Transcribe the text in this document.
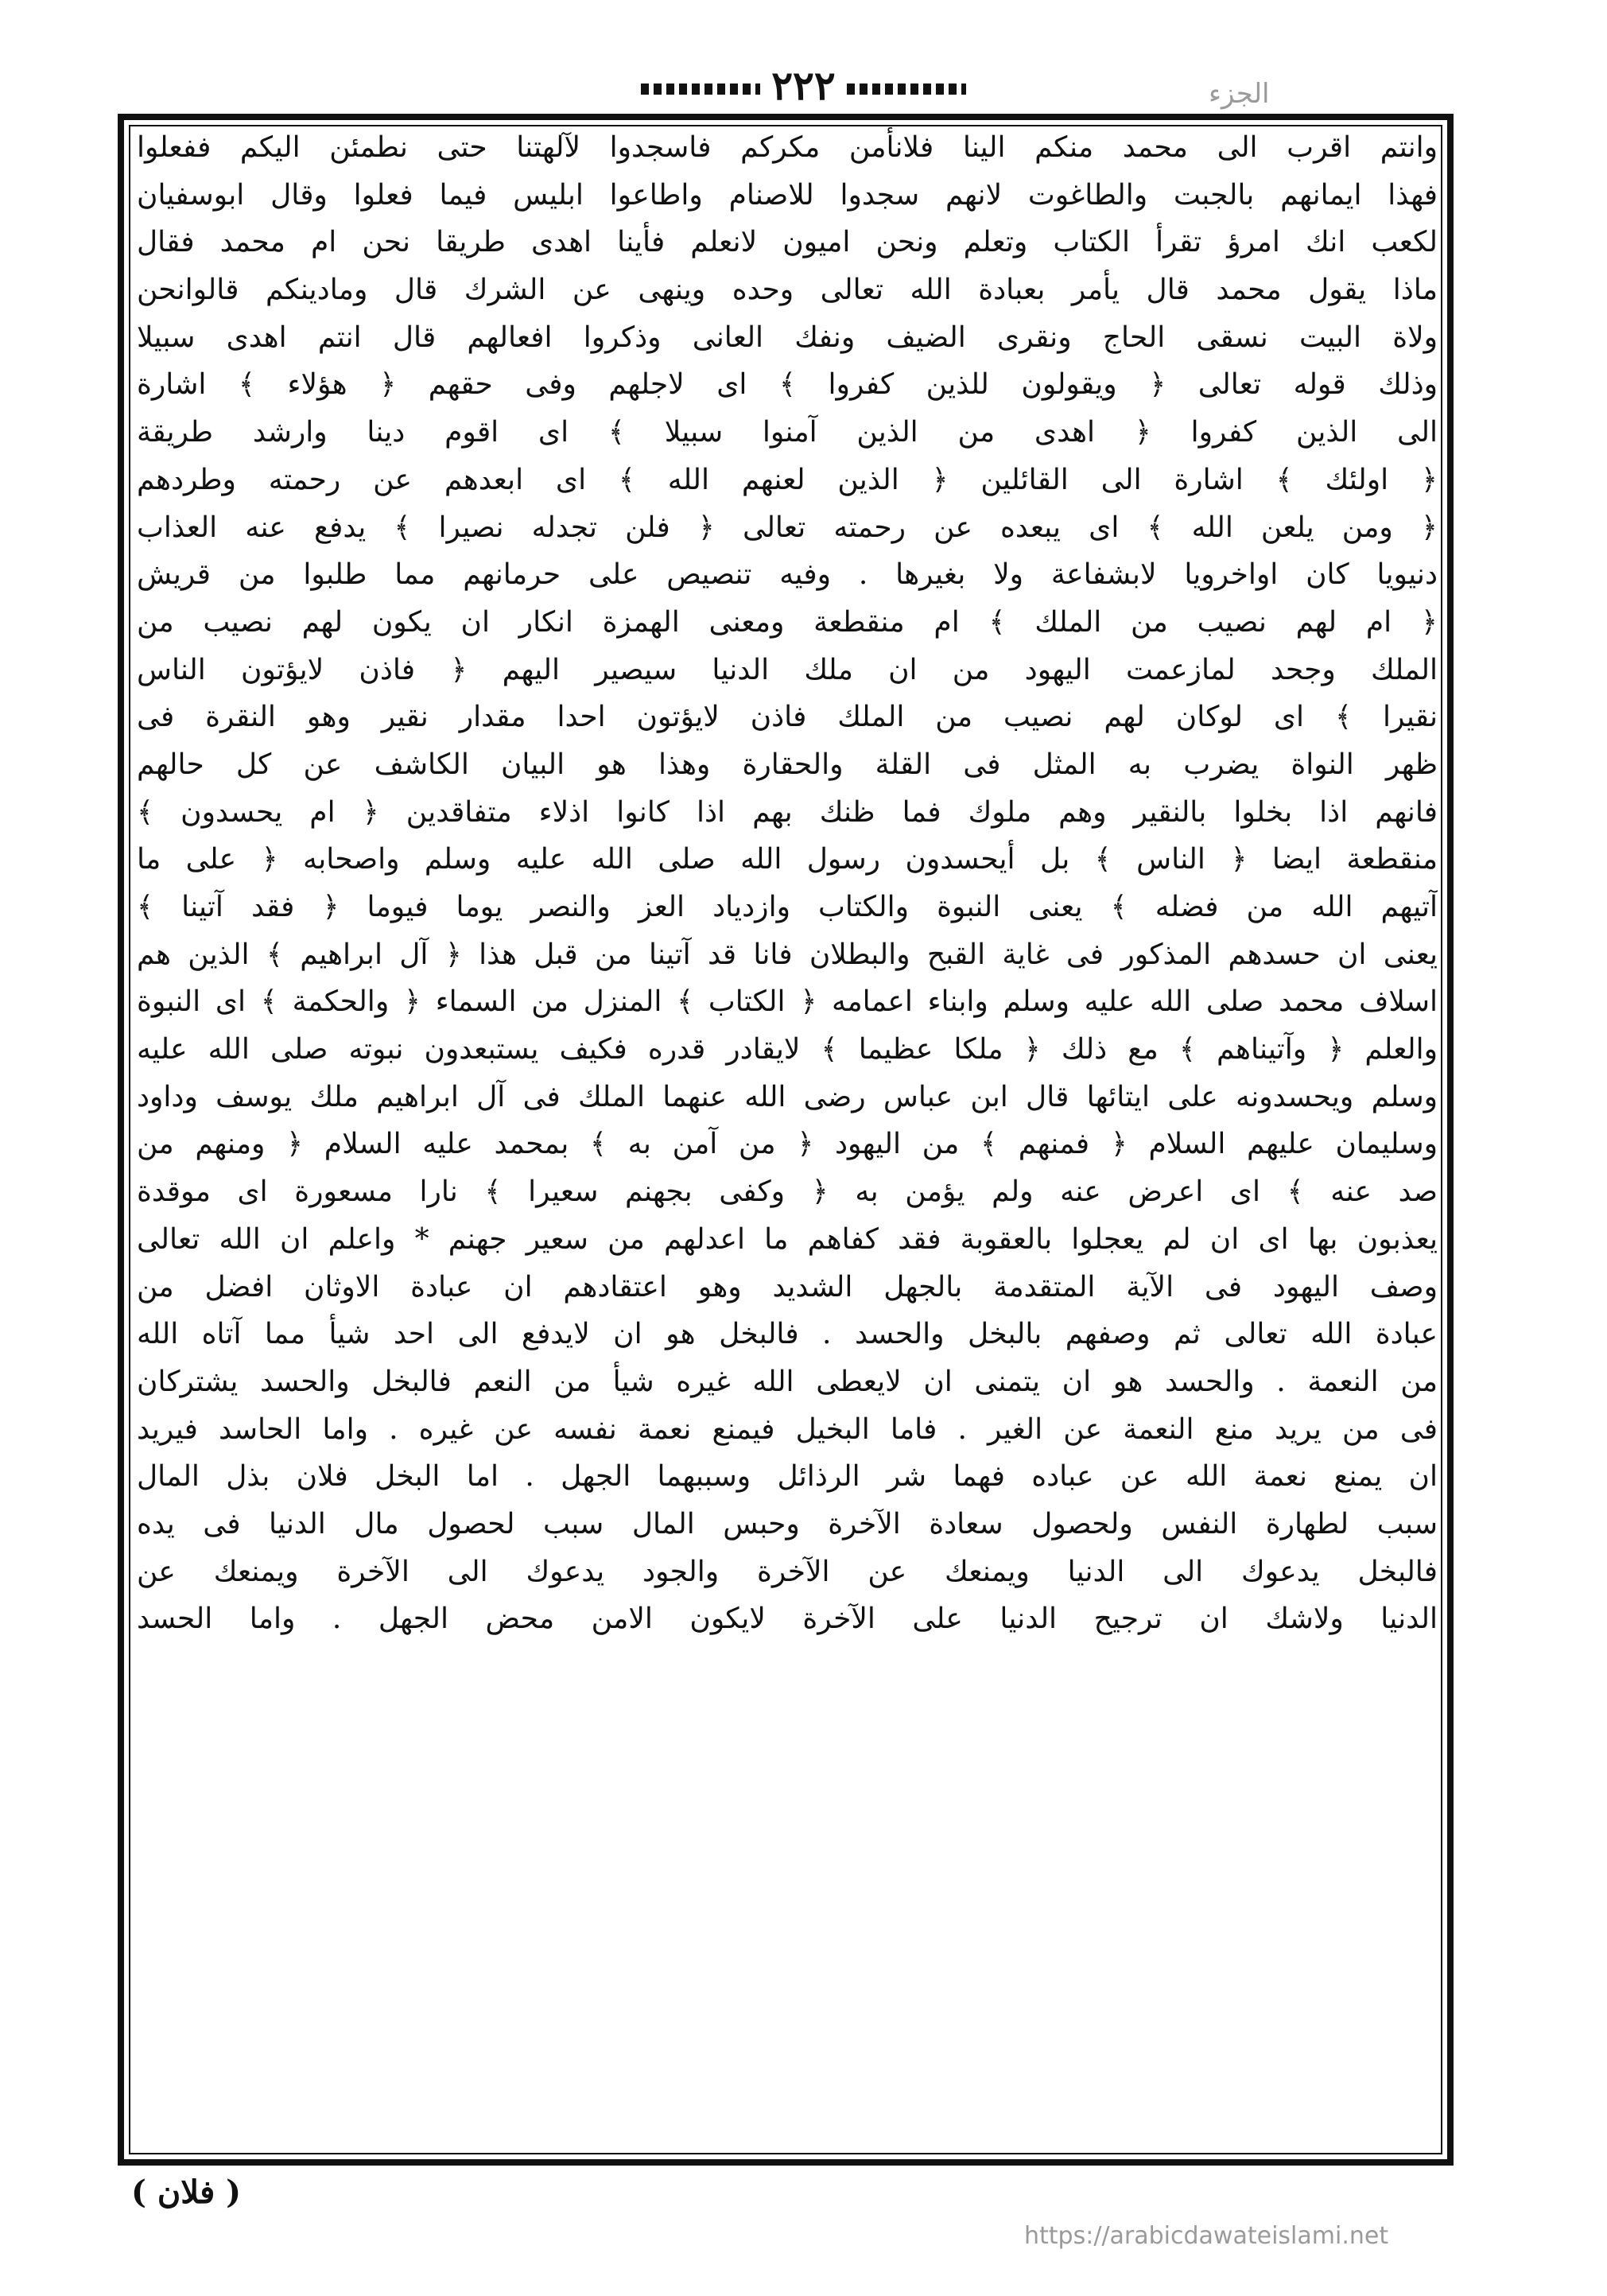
۲۲۲	الجزء
وانتم اقرب الى محمد منكم الينا فلانأمن مكركم فاسجدوا لآلهتنا حتى نطمئن اليكم ففعلوا
فهذا ايمانهم بالجبت والطاغوت لانهم سجدوا للاصنام واطاعوا ابليس فيما فعلوا وقال ابوسفيان
لكعب انك امرؤ تقرأ الكتاب وتعلم ونحن اميون لانعلم فأينا اهدى طريقا نحن ام محمد فقال
ماذا يقول محمد قال يأمر بعبادة الله تعالى وحده وينهى عن الشرك قال ومادينكم قالوانحن
ولاة البيت نسقى الحاج ونقرى الضيف ونفك العانى وذكروا افعالهم قال انتم اهدى سبيلا
وذلك قوله تعالى ﴿ ويقولون للذين كفروا ﴾ اى لاجلهم وفى حقهم ﴿ هؤلاء ﴾ اشارة
الى الذين كفروا ﴿ اهدى من الذين آمنوا سبيلا ﴾ اى اقوم دينا وارشد طريقة
﴿ اولئك ﴾ اشارة الى القائلين ﴿ الذين لعنهم الله ﴾ اى ابعدهم عن رحمته وطردهم
﴿ ومن يلعن الله ﴾ اى يبعده عن رحمته تعالى ﴿ فلن تجدله نصيرا ﴾ يدفع عنه العذاب
دنيويا كان اواخرويا لابشفاعة ولا بغيرها . وفيه تنصيص على حرمانهم مما طلبوا من قريش
﴿ ام لهم نصيب من الملك ﴾ ام منقطعة ومعنى الهمزة انكار ان يكون لهم نصيب من
الملك وجحد لمازعمت اليهود من ان ملك الدنيا سيصير اليهم ﴿ فاذن لايؤتون الناس
نقيرا ﴾ اى لوكان لهم نصيب من الملك فاذن لايؤتون احدا مقدار نقير وهو النقرة فى
ظهر النواة يضرب به المثل فى القلة والحقارة وهذا هو البيان الكاشف عن كل حالهم
فانهم اذا بخلوا بالنقير وهم ملوك فما ظنك بهم اذا كانوا اذلاء متفاقدين ﴿ ام يحسدون ﴾
منقطعة ايضا ﴿ الناس ﴾ بل أيحسدون رسول الله صلى الله عليه وسلم واصحابه ﴿ على ما
آتيهم الله من فضله ﴾ يعنى النبوة والكتاب وازدياد العز والنصر يوما فيوما ﴿ فقد آتينا ﴾
يعنى ان حسدهم المذكور فى غاية القبح والبطلان فانا قد آتينا من قبل هذا ﴿ آل ابراهيم ﴾ الذين هم
اسلاف محمد صلى الله عليه وسلم وابناء اعمامه ﴿ الكتاب ﴾ المنزل من السماء ﴿ والحكمة ﴾ اى النبوة
والعلم ﴿ وآتيناهم ﴾ مع ذلك ﴿ ملكا عظيما ﴾ لايقادر قدره فكيف يستبعدون نبوته صلى الله عليه
وسلم ويحسدونه على ايتائها قال ابن عباس رضى الله عنهما الملك فى آل ابراهيم ملك يوسف وداود
وسليمان عليهم السلام ﴿ فمنهم ﴾ من اليهود ﴿ من آمن به ﴾ بمحمد عليه السلام ﴿ ومنهم من
صد عنه ﴾ اى اعرض عنه ولم يؤمن به ﴿ وكفى بجهنم سعيرا ﴾ نارا مسعورة اى موقدة
يعذبون بها اى ان لم يعجلوا بالعقوبة فقد كفاهم ما اعدلهم من سعير جهنم * واعلم ان الله تعالى
وصف اليهود فى الآية المتقدمة بالجهل الشديد وهو اعتقادهم ان عبادة الاوثان افضل من
عبادة الله تعالى ثم وصفهم بالبخل والحسد . فالبخل هو ان لايدفع الى احد شيأ مما آتاه الله
من النعمة . والحسد هو ان يتمنى ان لايعطى الله غيره شيأ من النعم فالبخل والحسد يشتركان
فى من يريد منع النعمة عن الغير . فاما البخيل فيمنع نعمة نفسه عن غيره . واما الحاسد فيريد
ان يمنع نعمة الله عن عباده فهما شر الرذائل وسببهما الجهل . اما البخل فلان بذل المال
سبب لطهارة النفس ولحصول سعادة الآخرة وحبس المال سبب لحصول مال الدنيا فى يده
فالبخل يدعوك الى الدنيا ويمنعك عن الآخرة والجود يدعوك الى الآخرة ويمنعك عن
الدنيا ولاشك ان ترجيح الدنيا على الآخرة لايكون الامن محض الجهل . واما الحسد
( فلان )
https://arabicdawateislami.net
